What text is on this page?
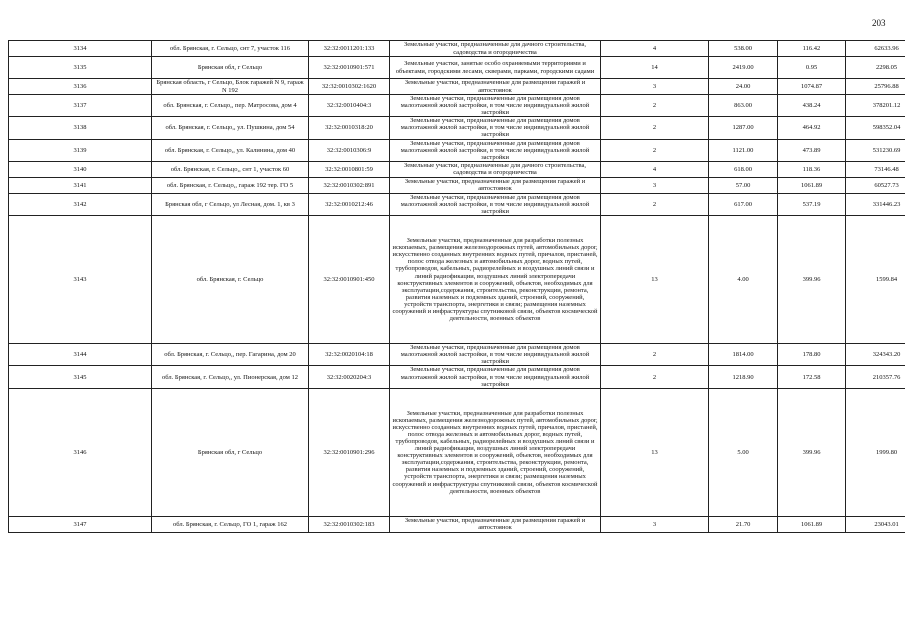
203
3134	обл. Брянская, г. Сельцо, снт 7, участок 116	32:32:0011201:133	Земельные участки, предназначенные для дачного строительства, садоводства и огородничества	4	538.00	116.42	62633.96
3135	Брянская обл, г Сельцо	32:32:0010901:571	Земельные участки, занятые особо охраняемыми территориями и объектами, городскими лесами, скверами, парками, городскими садами	14	2419.00	0.95	2298.05
3136	Брянская область, г Сельцо, Блок гаражей N 9, гараж N 192	32:32:0010302:1620	Земельные участки, предназначенные для размещения гаражей и автостоянок	3	24.00	1074.87	25796.88
3137	обл. Брянская, г. Сельцо,, пер. Матросова, дом 4	32:32:0010404:3	Земельные участки, предназначенные для размещения домов малоэтажной жилой застройки, в том числе индивидуальной жилой застройки	2	863.00	438.24	378201.12
3138	обл. Брянская, г. Сельцо,, ул. Пушкина, дом 54	32:32:0010318:20	Земельные участки, предназначенные для размещения домов малоэтажной жилой застройки, в том числе индивидуальной жилой застройки	2	1287.00	464.92	598352.04
3139	обл. Брянская, г. Сельцо,, ул. Калинина, дом 40	32:32:0010306:9	Земельные участки, предназначенные для размещения домов малоэтажной жилой застройки, в том числе индивидуальной жилой застройки	2	1121.00	473.89	531230.69
3140	обл. Брянская, г. Сельцо,, снт 1, участок 60	32:32:0010801:59	Земельные участки, предназначенные для дачного строительства, садоводства и огородничества	4	618.00	118.36	73146.48
3141	обл. Брянская, г. Сельцо,, гараж 192 тер. ГО 5	32:32:0010302:891	Земельные участки, предназначенные для размещения гаражей и автостоянок	3	57.00	1061.89	60527.73
3142	Брянская обл, г Сельцо, ул Лесная, дом. 1, кв 3	32:32:0010212:46	Земельные участки, предназначенные для размещения домов малоэтажной жилой застройки, в том числе индивидуальной жилой застройки	2	617.00	537.19	331446.23
3143	обл. Брянская, г. Сельцо	32:32:0010901:450	Земельные участки, предназначенные для разработки полезных ископаемых, размещения железнодорожных путей, автомобильных дорог, искусственно созданных внутренних водных путей, причалов, пристаней, полос отвода железных и автомобильных дорог, водных путей, трубопроводов, кабельных, радиорелейных и воздушных линий связи и линий радиофикации, воздушных линий электропередачи конструктивных элементов и сооружений, объектов, необходимых для эксплуатации,содержания, строительства, реконструкции, ремонта, развития наземных и подземных зданий, строений, сооружений, устройств транспорта, энергетики и связи; размещения наземных сооружений и инфраструктуры спутниковой связи, объектов космической деятельности, военных объектов	13	4.00	399.96	1599.84
3144	обл. Брянская, г. Сельцо,, пер. Гагарина, дом 20	32:32:0020104:18	Земельные участки, предназначенные для размещения домов малоэтажной жилой застройки, в том числе индивидуальной жилой застройки	2	1814.00	178.80	324343.20
3145	обл. Брянская, г. Сельцо,, ул. Пионерская, дом 12	32:32:0020204:3	Земельные участки, предназначенные для размещения домов малоэтажной жилой застройки, в том числе индивидуальной жилой застройки	2	1218.90	172.58	210357.76
3146	Брянская обл, г Сельцо	32:32:0010901:296	Земельные участки, предназначенные для разработки полезных ископаемых, размещения железнодорожных путей, автомобильных дорог, искусственно созданных внутренних водных путей, причалов, пристаней, полос отвода железных и автомобильных дорог, водных путей, трубопроводов, кабельных, радиорелейных и воздушных линий связи и линий радиофикации, воздушных линий электропередачи конструктивных элементов и сооружений, объектов, необходимых для эксплуатации,содержания, строительства, реконструкции, ремонта, развития наземных и подземных зданий, строений, сооружений, устройств транспорта, энергетики и связи; размещения наземных сооружений и инфраструктуры спутниковой связи, объектов космической деятельности, военных объектов	13	5.00	399.96	1999.80
3147	обл. Брянская, г. Сельцо, ГО 1, гараж 162	32:32:0010302:183	Земельные участки, предназначенные для размещения гаражей и автостоянок	3	21.70	1061.89	23043.01
